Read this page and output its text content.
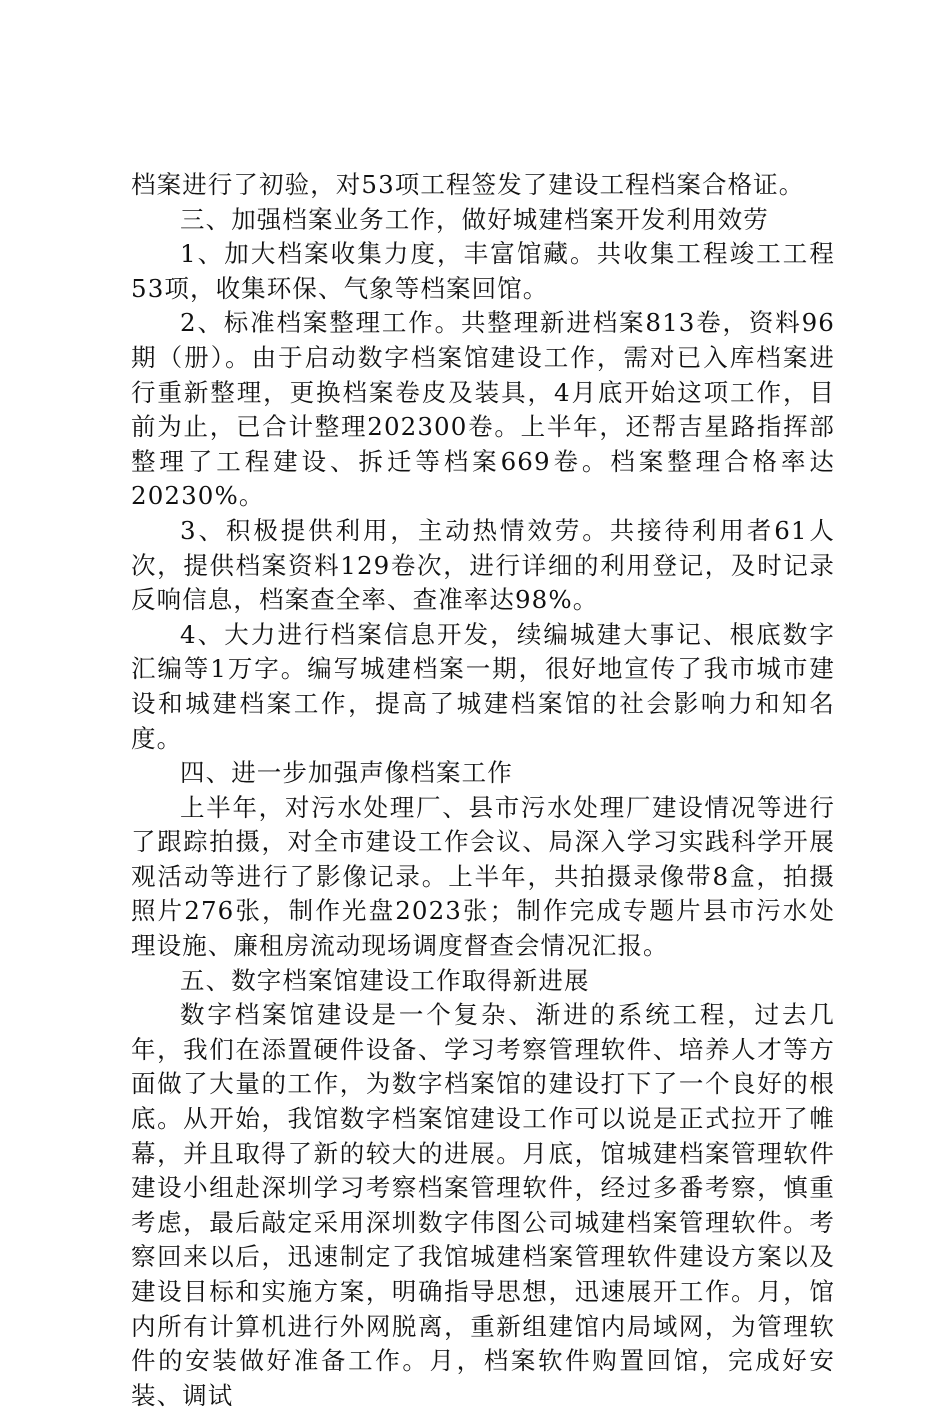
档案进行了初验，对53项工程签发了建设工程档案合格证。

三、加强档案业务工作，做好城建档案开发利用效劳

1、加大档案收集力度，丰富馆藏。共收集工程竣工工程53项，收集环保、气象等档案回馆。

2、标准档案整理工作。共整理新进档案813卷，资料96期（册）。由于启动数字档案馆建设工作，需对已入库档案进行重新整理，更换档案卷皮及装具，4月底开始这项工作，目前为止，已合计整理202300卷。上半年，还帮吉星路指挥部整理了工程建设、拆迁等档案669卷。档案整理合格率达20230%。

3、积极提供利用，主动热情效劳。共接待利用者61人次，提供档案资料129卷次，进行详细的利用登记，及时记录反响信息，档案查全率、查准率达98%。

4、大力进行档案信息开发，续编城建大事记、根底数字汇编等1万字。编写城建档案一期，很好地宣传了我市城市建设和城建档案工作，提高了城建档案馆的社会影响力和知名度。

四、进一步加强声像档案工作

上半年，对污水处理厂、县市污水处理厂建设情况等进行了跟踪拍摄，对全市建设工作会议、局深入学习实践科学开展观活动等进行了影像记录。上半年，共拍摄录像带8盒，拍摄照片276张，制作光盘2023张；制作完成专题片县市污水处理设施、廉租房流动现场调度督查会情况汇报。

五、数字档案馆建设工作取得新进展

数字档案馆建设是一个复杂、渐进的系统工程，过去几年，我们在添置硬件设备、学习考察管理软件、培养人才等方面做了大量的工作，为数字档案馆的建设打下了一个良好的根底。从开始，我馆数字档案馆建设工作可以说是正式拉开了帷幕，并且取得了新的较大的进展。月底，馆城建档案管理软件建设小组赴深圳学习考察档案管理软件，经过多番考察，慎重考虑，最后敲定采用深圳数字伟图公司城建档案管理软件。考察回来以后，迅速制定了我馆城建档案管理软件建设方案以及建设目标和实施方案，明确指导思想，迅速展开工作。月，馆内所有计算机进行外网脱离，重新组建馆内局域网，为管理软件的安装做好准备工作。月，档案软件购置回馆，完成好安装、调试
